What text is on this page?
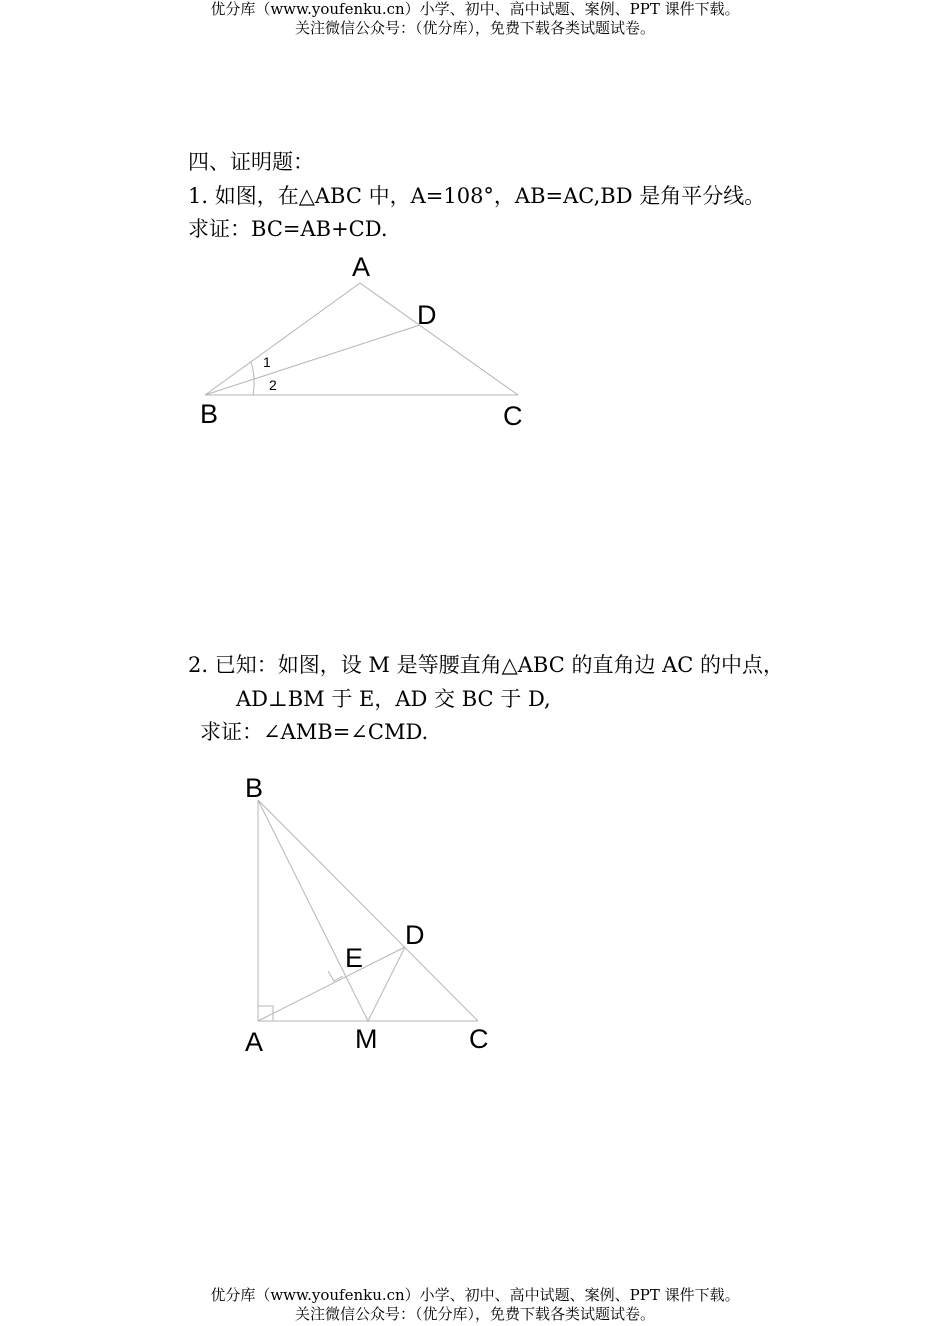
优分库（www.youfenku.cn）小学、初中、高中试题、案例、PPT 课件下载。
关注微信公众号：（优分库），免费下载各类试题试卷。
四、证明题：
1. 如图，在△ABC 中，A=108°，AB=AC,BD 是角平分线。
求证：BC=AB+CD.
2. 已知：如图，设 M 是等腰直角△ABC 的直角边 AC 的中点，
AD⊥BM 于 E，AD 交 BC 于 D,
求证：∠AMB=∠CMD.
A
D
B	C
1
2
B
D
E
A	M	C
优分库（www.youfenku.cn）小学、初中、高中试题、案例、PPT 课件下载。
关注微信公众号：（优分库），免费下载各类试题试卷。
